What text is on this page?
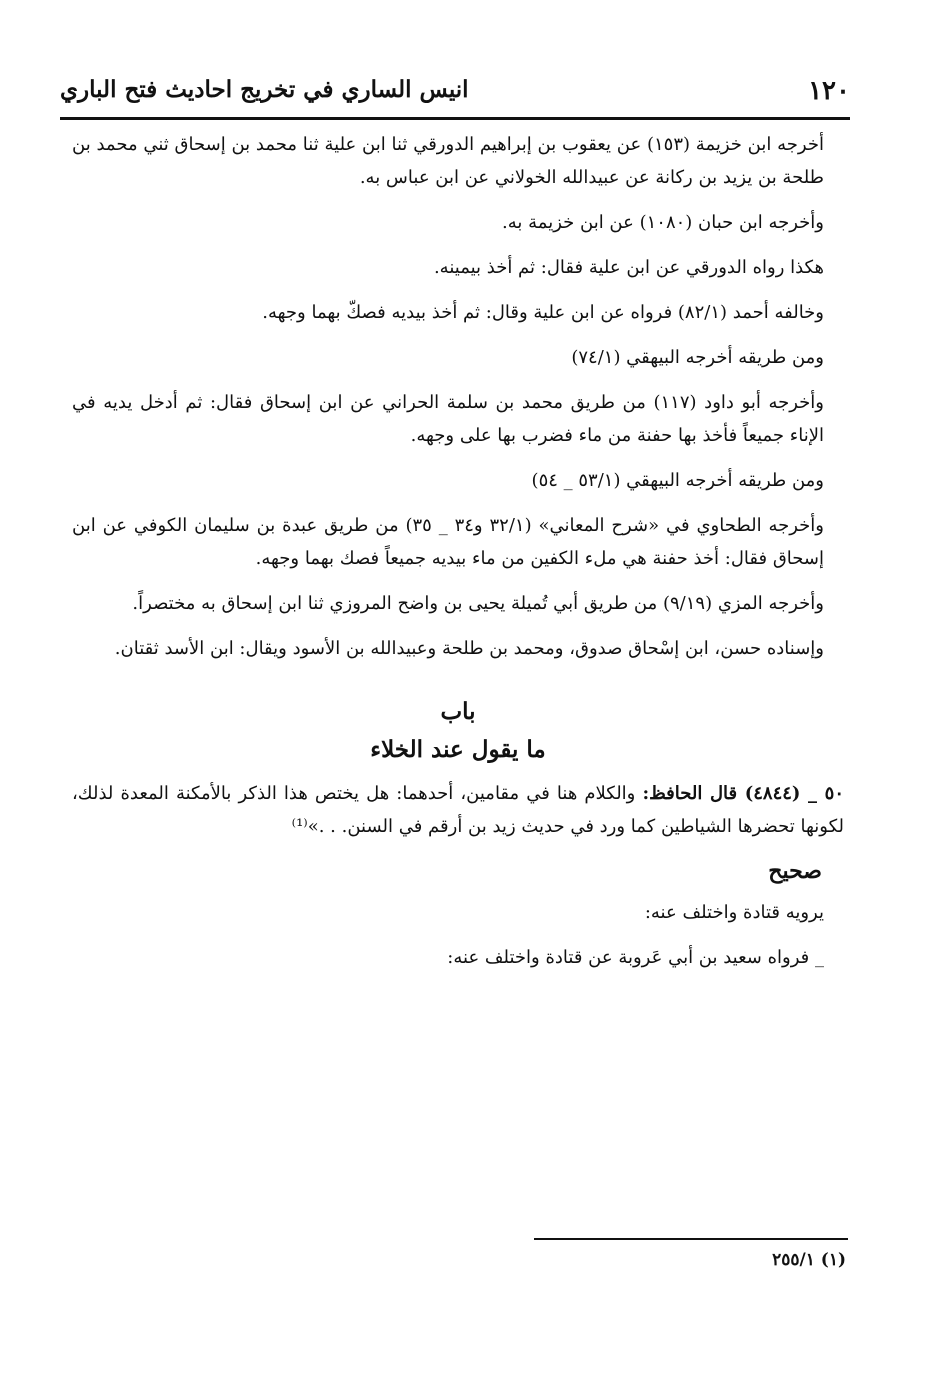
١٢٠
انيس الساري في تخريج احاديث فتح الباري

أخرجه ابن خزيمة (١٥٣) عن يعقوب بن إبراهيم الدورقي ثنا ابن علية ثنا محمد بن إسحاق ثني محمد بن طلحة بن يزيد بن ركانة عن عبيدالله الخولاني عن ابن عباس به.

وأخرجه ابن حبان (١٠٨٠) عن ابن خزيمة به.

هكذا رواه الدورقي عن ابن علية فقال: ثم أخذ بيمينه.

وخالفه أحمد (٨٢/١) فرواه عن ابن علية وقال: ثم أخذ بيديه فصكّ بهما وجهه.

ومن طريقه أخرجه البيهقي (٧٤/١)

وأخرجه أبو داود (١١٧) من طريق محمد بن سلمة الحراني عن ابن إسحاق فقال: ثم أدخل يديه في الإناء جميعاً فأخذ بها حفنة من ماء فضرب بها على وجهه.

ومن طريقه أخرجه البيهقي (٥٣/١ _ ٥٤)

وأخرجه الطحاوي في «شرح المعاني» (٣٢/١ و٣٤ _ ٣٥) من طريق عبدة بن سليمان الكوفي عن ابن إسحاق فقال: أخذ حفنة هي ملء الكفين من ماء بيديه جميعاً فصك بهما وجهه.

وأخرجه المزي (٩/١٩) من طريق أبي تُميلة يحيى بن واضح المروزي ثنا ابن إسحاق به مختصراً.

وإسناده حسن، ابن إسْحاق صدوق، ومحمد بن طلحة وعبيدالله بن الأسود ويقال: ابن الأسد ثقتان.

باب

ما يقول عند الخلاء

٥٠ _ (٤٨٤٤) قال الحافظ: والكلام هنا في مقامين، أحدهما: هل يختص هذا الذكر بالأمكنة المعدة لذلك، لكونها تحضرها الشياطين كما ورد في حديث زيد بن أرقم في السنن. . .»⁽¹⁾

صحيح

يرويه قتادة واختلف عنه:

_ فرواه سعيد بن أبي عَروبة عن قتادة واختلف عنه:

(١) ٢٥٥/١
